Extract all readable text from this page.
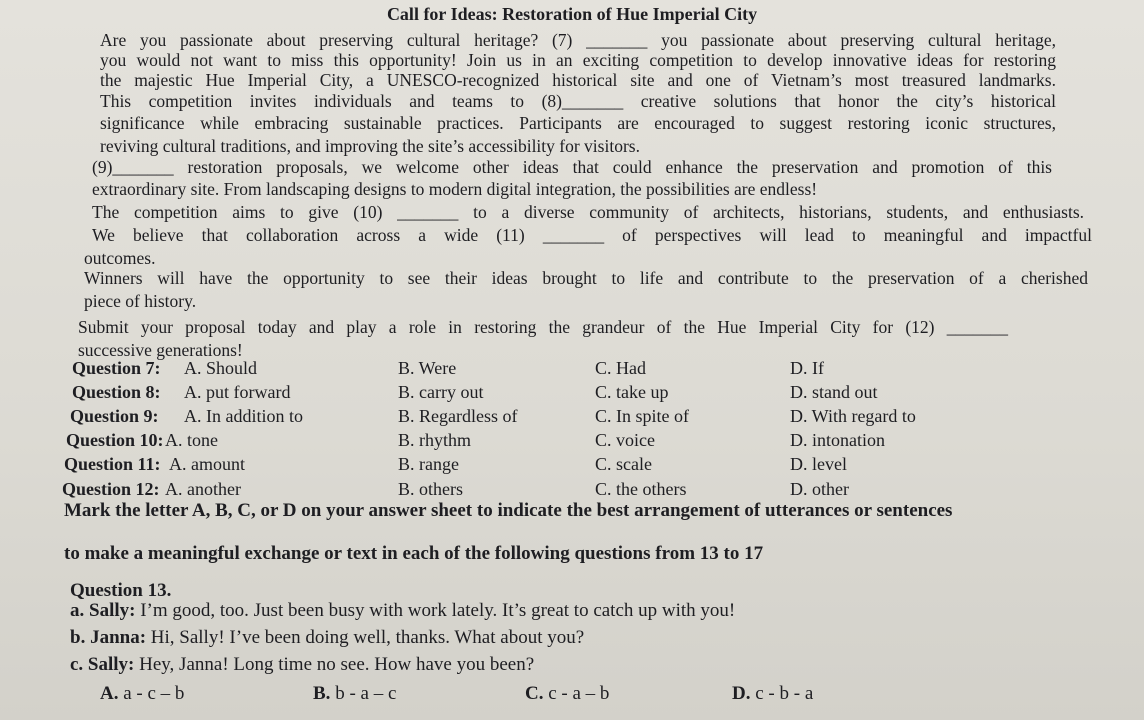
Call for Ideas: Restoration of Hue Imperial City
Are you passionate about preserving cultural heritage? (7) _______ you passionate about preserving cultural heritage,
you would not want to miss this opportunity! Join us in an exciting competition to develop innovative ideas for restoring
the majestic Hue Imperial City, a UNESCO-recognized historical site and one of Vietnam’s most treasured landmarks.
This competition invites individuals and teams to (8)_______ creative solutions that honor the city’s historical
significance while embracing sustainable practices. Participants are encouraged to suggest restoring iconic structures,
reviving cultural traditions, and improving the site’s accessibility for visitors.
(9)_______ restoration proposals, we welcome other ideas that could enhance the preservation and promotion of this
extraordinary site. From landscaping designs to modern digital integration, the possibilities are endless!
The competition aims to give (10) _______ to a diverse community of architects, historians, students, and enthusiasts.
We believe that collaboration across a wide (11) _______ of perspectives will lead to meaningful and impactful
outcomes.
Winners will have the opportunity to see their ideas brought to life and contribute to the preservation of a cherished
piece of history.
Submit your proposal today and play a role in restoring the grandeur of the Hue Imperial City for (12) _______
successive generations!
Question 7: A. Should	B. Were	C. Had	D. If
Question 8: A. put forward	B. carry out	C. take up	D. stand out
Question 9: A. In addition to	B. Regardless of	C. In spite of	D. With regard to
Question 10: A. tone	B. rhythm	C. voice	D. intonation
Question 11: A. amount	B. range	C. scale	D. level
Question 12: A. another	B. others	C. the others	D. other
Mark the letter A, B, C, or D on your answer sheet to indicate the best arrangement of utterances or sentences
to make a meaningful exchange or text in each of the following questions from 13 to 17
Question 13.
a. Sally: I’m good, too. Just been busy with work lately. It’s great to catch up with you!
b. Janna: Hi, Sally! I’ve been doing well, thanks. What about you?
c. Sally: Hey, Janna! Long time no see. How have you been?
A. a - c – b	B. b - a – c	C. c - a – b	D. c - b - a
